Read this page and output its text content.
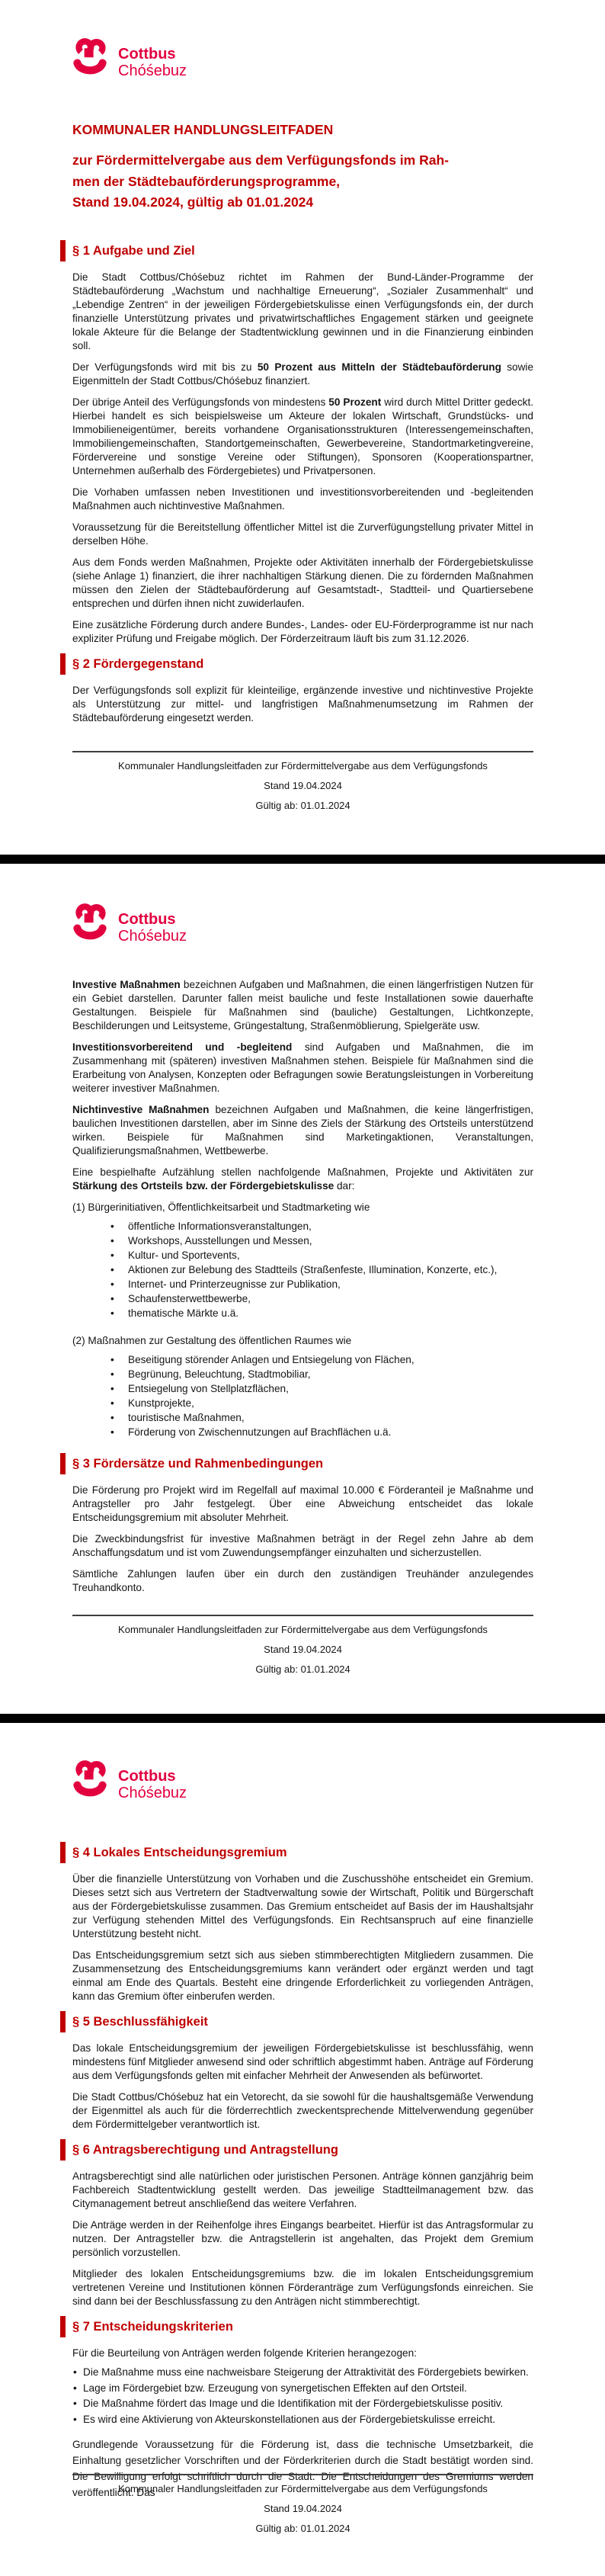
Cottbus
Chóśebuz
KOMMUNALER HANDLUNGSLEITFADEN
zur Fördermittelvergabe aus dem Verfügungsfonds im Rah-
men der Städtebauförderungsprogramme,
Stand 19.04.2024, gültig ab 01.01.2024
§ 1 Aufgabe und Ziel

Die Stadt Cottbus/Chóśebuz richtet im Rahmen der Bund-Länder-Programme der Städtebauförderung „Wachstum und nachhaltige Erneuerung“, „Sozialer Zusammenhalt“ und „Lebendige Zentren“ in der jeweiligen Fördergebietskulisse einen Verfügungsfonds ein, der durch finanzielle Unterstützung privates und privatwirtschaftliches Engagement stärken und geeignete lokale Akteure für die Belange der Stadtentwicklung gewinnen und in die Finanzierung einbinden soll.

Der Verfügungsfonds wird mit bis zu 50 Prozent aus Mitteln der Städtebauförderung sowie Eigenmitteln der Stadt Cottbus/Chóśebuz finanziert.

Der übrige Anteil des Verfügungsfonds von mindestens 50 Prozent wird durch Mittel Dritter gedeckt. Hierbei handelt es sich beispielsweise um Akteure der lokalen Wirtschaft, Grundstücks- und Immobilieneigentümer, bereits vorhandene Organisationsstrukturen (Interessengemeinschaften, Immobiliengemeinschaften, Standortgemeinschaften, Gewerbevereine, Standortmarketingvereine, Fördervereine und sonstige Vereine oder Stiftungen), Sponsoren (Kooperationspartner, Unternehmen außerhalb des Fördergebietes) und Privatpersonen.

Die Vorhaben umfassen neben Investitionen und investitionsvorbereitenden und -begleitenden Maßnahmen auch nichtinvestive Maßnahmen.

Voraussetzung für die Bereitstellung öffentlicher Mittel ist die Zurverfügungstellung privater Mittel in derselben Höhe.

Aus dem Fonds werden Maßnahmen, Projekte oder Aktivitäten innerhalb der Fördergebietskulisse (siehe Anlage 1) finanziert, die ihrer nachhaltigen Stärkung dienen. Die zu fördernden Maßnahmen müssen den Zielen der Städtebauförderung auf Gesamtstadt-, Stadtteil- und Quartiersebene entsprechen und dürfen ihnen nicht zuwiderlaufen.

Eine zusätzliche Förderung durch andere Bundes-, Landes- oder EU-Förderprogramme ist nur nach expliziter Prüfung und Freigabe möglich. Der Förderzeitraum läuft bis zum 31.12.2026.

§ 2 Fördergegenstand

Der Verfügungsfonds soll explizit für kleinteilige, ergänzende investive und nichtinvestive Projekte als Unterstützung zur mittel- und langfristigen Maßnahmenumsetzung im Rahmen der Städtebauförderung eingesetzt werden.

Kommunaler Handlungsleitfaden zur Fördermittelvergabe aus dem Verfügungsfonds
Stand 19.04.2024
Gültig ab: 01.01.2024
Cottbus
Chóśebuz

Investive Maßnahmen bezeichnen Aufgaben und Maßnahmen, die einen längerfristigen Nutzen für ein Gebiet darstellen. Darunter fallen meist bauliche und feste Installationen sowie dauerhafte Gestaltungen. Beispiele für Maßnahmen sind (bauliche) Gestaltungen, Lichtkonzepte, Beschilderungen und Leitsysteme, Grüngestaltung, Straßenmöblierung, Spielgeräte usw.

Investitionsvorbereitend und -begleitend sind Aufgaben und Maßnahmen, die im Zusammenhang mit (späteren) investiven Maßnahmen stehen. Beispiele für Maßnahmen sind die Erarbeitung von Analysen, Konzepten oder Befragungen sowie Beratungsleistungen in Vorbereitung weiterer investiver Maßnahmen.

Nichtinvestive Maßnahmen bezeichnen Aufgaben und Maßnahmen, die keine längerfristigen, baulichen Investitionen darstellen, aber im Sinne des Ziels der Stärkung des Ortsteils unterstützend wirken. Beispiele für Maßnahmen sind Marketingaktionen, Veranstaltungen, Qualifizierungsmaßnahmen, Wettbewerbe.

Eine bespielhafte Aufzählung stellen nachfolgende Maßnahmen, Projekte und Aktivitäten zur Stärkung des Ortsteils bzw. der Fördergebietskulisse dar:

(1) Bürgerinitiativen, Öffentlichkeitsarbeit und Stadtmarketing wie

• öffentliche Informationsveranstaltungen,
• Workshops, Ausstellungen und Messen,
• Kultur- und Sportevents,
• Aktionen zur Belebung des Stadtteils (Straßenfeste, Illumination, Konzerte, etc.),
• Internet- und Printerzeugnisse zur Publikation,
• Schaufensterwettbewerbe,
• thematische Märkte u.ä.

(2) Maßnahmen zur Gestaltung des öffentlichen Raumes wie

• Beseitigung störender Anlagen und Entsiegelung von Flächen,
• Begrünung, Beleuchtung, Stadtmobiliar,
• Entsiegelung von Stellplatzflächen,
• Kunstprojekte,
• touristische Maßnahmen,
• Förderung von Zwischennutzungen auf Brachflächen u.ä.
§ 3 Fördersätze und Rahmenbedingungen

Die Förderung pro Projekt wird im Regelfall auf maximal 10.000 € Förderanteil je Maßnahme und Antragsteller pro Jahr festgelegt. Über eine Abweichung entscheidet das lokale Entscheidungsgremium mit absoluter Mehrheit.

Die Zweckbindungsfrist für investive Maßnahmen beträgt in der Regel zehn Jahre ab dem Anschaffungsdatum und ist vom Zuwendungsempfänger einzuhalten und sicherzustellen.

Sämtliche Zahlungen laufen über ein durch den zuständigen Treuhänder anzulegendes Treuhandkonto.

Kommunaler Handlungsleitfaden zur Fördermittelvergabe aus dem Verfügungsfonds
Stand 19.04.2024
Gültig ab: 01.01.2024
Cottbus
Chóśebuz
§ 4 Lokales Entscheidungsgremium

Über die finanzielle Unterstützung von Vorhaben und die Zuschusshöhe entscheidet ein Gremium. Dieses setzt sich aus Vertretern der Stadtverwaltung sowie der Wirtschaft, Politik und Bürgerschaft aus der Fördergebietskulisse zusammen. Das Gremium entscheidet auf Basis der im Haushaltsjahr zur Verfügung stehenden Mittel des Verfügungsfonds. Ein Rechtsanspruch auf eine finanzielle Unterstützung besteht nicht.

Das Entscheidungsgremium setzt sich aus sieben stimmberechtigten Mitgliedern zusammen. Die Zusammensetzung des Entscheidungsgremiums kann verändert oder ergänzt werden und tagt einmal am Ende des Quartals. Besteht eine dringende Erforderlichkeit zu vorliegenden Anträgen, kann das Gremium öfter einberufen werden.

§ 5 Beschlussfähigkeit

Das lokale Entscheidungsgremium der jeweiligen Fördergebietskulisse ist beschlussfähig, wenn mindestens fünf Mitglieder anwesend sind oder schriftlich abgestimmt haben. Anträge auf Förderung aus dem Verfügungsfonds gelten mit einfacher Mehrheit der Anwesenden als befürwortet.

Die Stadt Cottbus/Chóśebuz hat ein Vetorecht, da sie sowohl für die haushaltsgemäße Verwendung der Eigenmittel als auch für die förderrechtlich zweckentsprechende Mittelverwendung gegenüber dem Fördermittelgeber verantwortlich ist.

§ 6 Antragsberechtigung und Antragstellung

Antragsberechtigt sind alle natürlichen oder juristischen Personen. Anträge können ganzjährig beim Fachbereich Stadtentwicklung gestellt werden. Das jeweilige Stadtteilmanagement bzw. das Citymanagement betreut anschließend das weitere Verfahren.

Die Anträge werden in der Reihenfolge ihres Eingangs bearbeitet. Hierfür ist das Antragsformular zu nutzen. Der Antragsteller bzw. die Antragstellerin ist angehalten, das Projekt dem Gremium persönlich vorzustellen.

Mitglieder des lokalen Entscheidungsgremiums bzw. die im lokalen Entscheidungsgremium vertretenen Vereine und Institutionen können Förderanträge zum Verfügungsfonds einreichen. Sie sind dann bei der Beschlussfassung zu den Anträgen nicht stimmberechtigt.

§ 7 Entscheidungskriterien

Für die Beurteilung von Anträgen werden folgende Kriterien herangezogen:

• Die Maßnahme muss eine nachweisbare Steigerung der Attraktivität des Fördergebiets bewirken.
• Lage im Fördergebiet bzw. Erzeugung von synergetischen Effekten auf den Ortsteil.
• Die Maßnahme fördert das Image und die Identifikation mit der Fördergebietskulisse positiv.
• Es wird eine Aktivierung von Akteurskonstellationen aus der Fördergebietskulisse erreicht.

Grundlegende Voraussetzung für die Förderung ist, dass die technische Umsetzbarkeit, die Einhaltung gesetzlicher Vorschriften und der Förderkriterien durch die Stadt bestätigt worden sind. Die Bewilligung erfolgt schriftlich durch die Stadt. Die Entscheidungen des Gremiums werden veröffentlicht. Das

Kommunaler Handlungsleitfaden zur Fördermittelvergabe aus dem Verfügungsfonds
Stand 19.04.2024
Gültig ab: 01.01.2024
